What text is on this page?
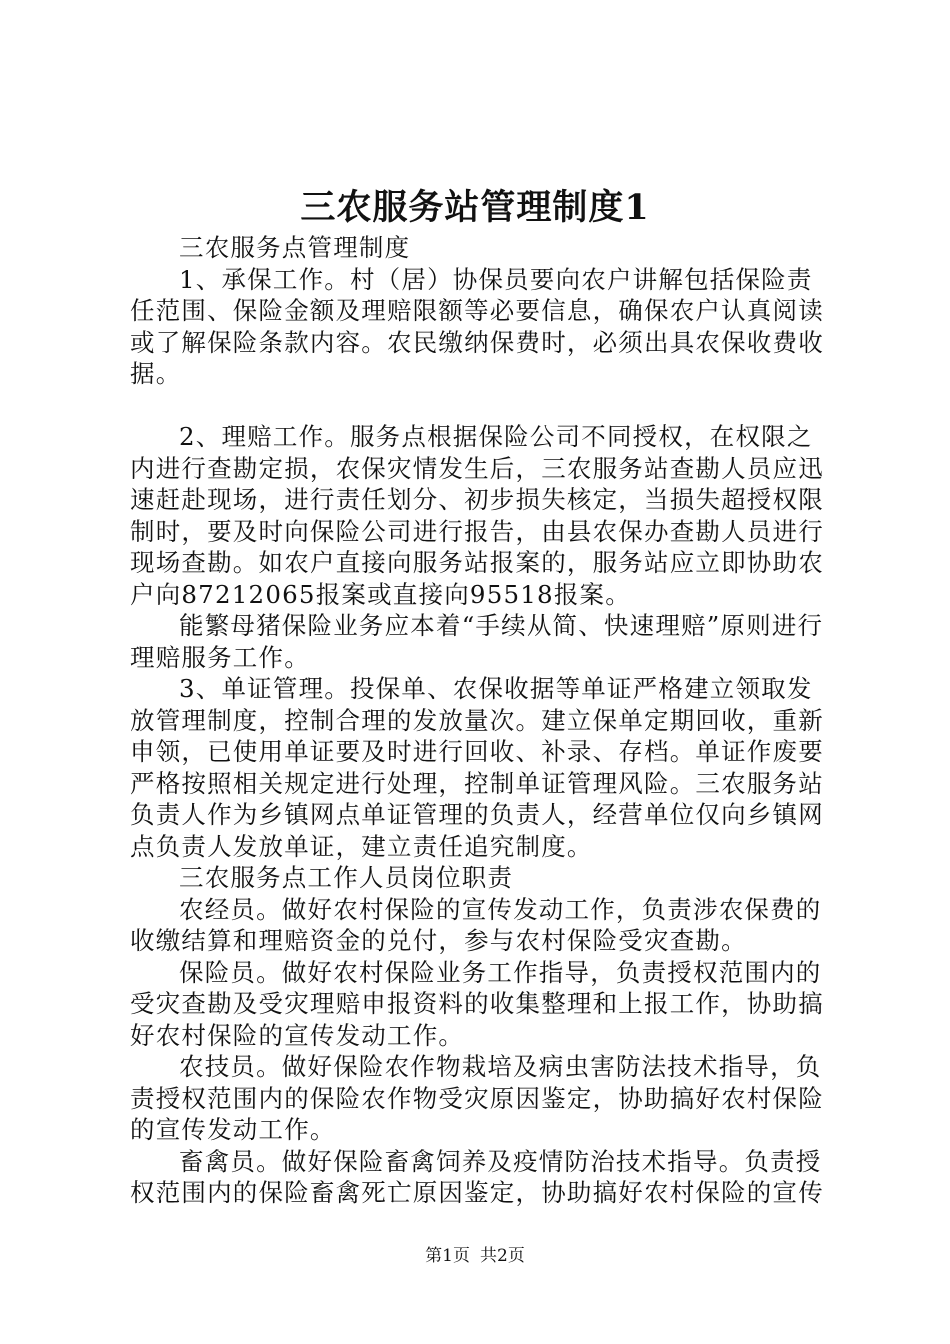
三农服务站管理制度1

三农服务点管理制度

1、承保工作。村（居）协保员要向农户讲解包括保险责任范围、保险金额及理赔限额等必要信息，确保农户认真阅读或了解保险条款内容。农民缴纳保费时，必须出具农保收费收据。

2、理赔工作。服务点根据保险公司不同授权，在权限之内进行查勘定损，农保灾情发生后，三农服务站查勘人员应迅速赶赴现场，进行责任划分、初步损失核定，当损失超授权限制时，要及时向保险公司进行报告，由县农保办查勘人员进行现场查勘。如农户直接向服务站报案的，服务站应立即协助农户向87212065报案或直接向95518报案。

能繁母猪保险业务应本着“手续从简、快速理赔”原则进行理赔服务工作。

3、单证管理。投保单、农保收据等单证严格建立领取发放管理制度，控制合理的发放量次。建立保单定期回收，重新申领，已使用单证要及时进行回收、补录、存档。单证作废要严格按照相关规定进行处理，控制单证管理风险。三农服务站负责人作为乡镇网点单证管理的负责人，经营单位仅向乡镇网点负责人发放单证，建立责任追究制度。

三农服务点工作人员岗位职责

农经员。做好农村保险的宣传发动工作，负责涉农保费的收缴结算和理赔资金的兑付，参与农村保险受灾查勘。

保险员。做好农村保险业务工作指导，负责授权范围内的受灾查勘及受灾理赔申报资料的收集整理和上报工作，协助搞好农村保险的宣传发动工作。

农技员。做好保险农作物栽培及病虫害防法技术指导，负责授权范围内的保险农作物受灾原因鉴定，协助搞好农村保险的宣传发动工作。

畜禽员。做好保险畜禽饲养及疫情防治技术指导。负责授权范围内的保险畜禽死亡原因鉴定，协助搞好农村保险的宣传

第1页 共2页
